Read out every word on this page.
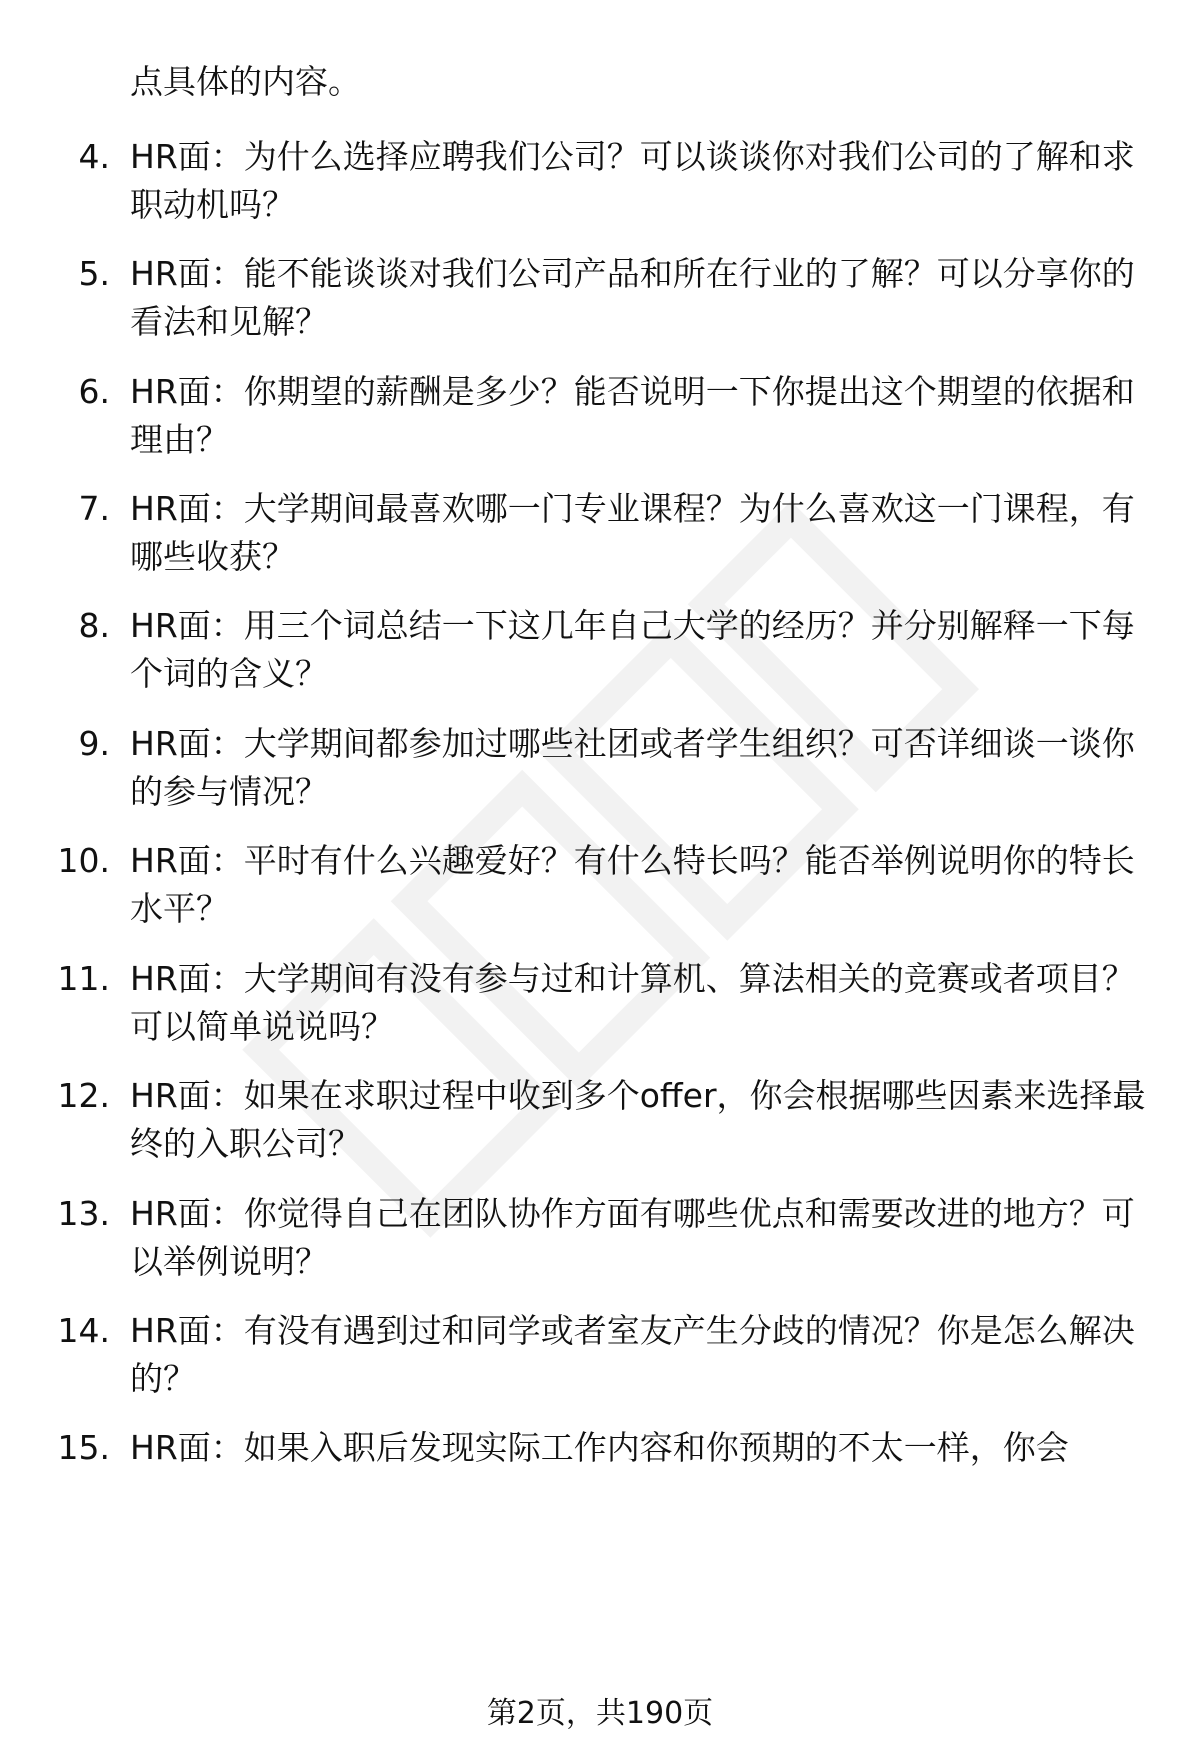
点具体的内容。

4. HR面：为什么选择应聘我们公司？可以谈谈你对我们公司的了解和求职动机吗？

5. HR面：能不能谈谈对我们公司产品和所在行业的了解？可以分享你的看法和见解？

6. HR面：你期望的薪酬是多少？能否说明一下你提出这个期望的依据和理由？

7. HR面：大学期间最喜欢哪一门专业课程？为什么喜欢这一门课程，有哪些收获？

8. HR面：用三个词总结一下这几年自己大学的经历？并分别解释一下每个词的含义？

9. HR面：大学期间都参加过哪些社团或者学生组织？可否详细谈一谈你的参与情况？

10. HR面：平时有什么兴趣爱好？有什么特长吗？能否举例说明你的特长水平？

11. HR面：大学期间有没有参与过和计算机、算法相关的竞赛或者项目？可以简单说说吗？

12. HR面：如果在求职过程中收到多个offer，你会根据哪些因素来选择最终的入职公司？

13. HR面：你觉得自己在团队协作方面有哪些优点和需要改进的地方？可以举例说明？

14. HR面：有没有遇到过和同学或者室友产生分歧的情况？你是怎么解决的？

15. HR面：如果入职后发现实际工作内容和你预期的不太一样，你会

第2页，共190页
